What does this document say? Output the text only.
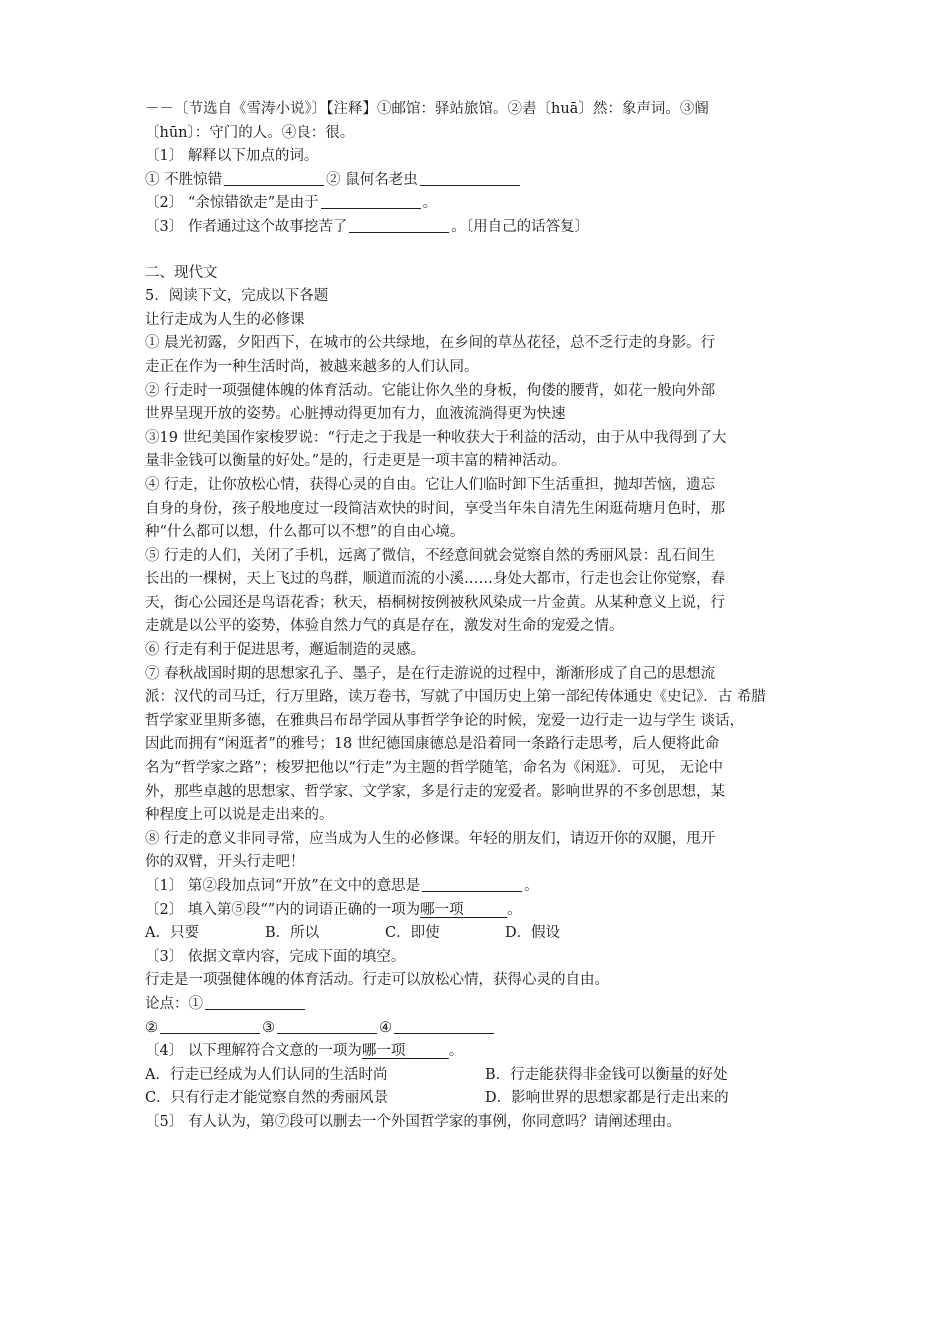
－－〔节选自《雪涛小说》〕【注释】①邮馆：驿站旅馆。②砉〔huā〕然：象声词。③阍
〔hūn〕：守门的人。④良：很。
〔1〕 解释以下加点的词。
① 不胜惊错	② 鼠何名老虫
〔2〕 “余惊错欲走”是由于	。
〔3〕 作者通过这个故事挖苦了	。〔用自己的话答复〕
二、现代文
5．阅读下文，完成以下各题
让行走成为人生的必修课
① 晨光初露，夕阳西下，在城市的公共绿地，在乡间的草丛花径，总不乏行走的身影。行
走正在作为一种生活时尚，被越来越多的人们认同。
② 行走时一项强健体魄的体育活动。它能让你久坐的身板，佝偻的腰背，如花一般向外部
世界呈现开放的姿势。心脏搏动得更加有力，血液流淌得更为快速
③19 世纪美国作家梭罗说：“行走之于我是一种收获大于利益的活动，由于从中我得到了大
量非金钱可以衡量的好处。”是的，行走更是一项丰富的精神活动。
④ 行走，让你放松心情，获得心灵的自由。它让人们临时卸下生活重担，抛却苦恼，遗忘
自身的身份，孩子般地度过一段简洁欢快的时间，享受当年朱自清先生闲逛荷塘月色时，那
种“什么都可以想，什么都可以不想”的自由心境。
⑤ 行走的人们，关闭了手机，远离了微信，不经意间就会觉察自然的秀丽风景：乱石间生
长出的一棵树，天上飞过的鸟群，顺道而流的小溪……身处大都市，行走也会让你觉察，春
天，街心公园还是鸟语花香；秋天，梧桐树按例被秋风染成一片金黄。从某种意义上说，行
走就是以公平的姿势，体验自然力气的真是存在，激发对生命的宠爱之情。
⑥ 行走有利于促进思考，邂逅制造的灵感。
⑦ 春秋战国时期的思想家孔子、墨子，是在行走游说的过程中，渐渐形成了自己的思想流
派：汉代的司马迁，行万里路，读万卷书，写就了中国历史上第一部纪传体通史《史记》．古 希腊
哲学家亚里斯多德，在雅典吕布昂学园从事哲学争论的时候，宠爱一边行走一边与学生 谈话，
因此而拥有“闲逛者”的雅号；18 世纪德国康德总是沿着同一条路行走思考，后人便将此命
名为“哲学家之路”；梭罗把他以“行走”为主题的哲学随笔，命名为《闲逛》．可见， 无论中
外，那些卓越的思想家、哲学家、文学家，多是行走的宠爱者。影响世界的不多创思想，某
种程度上可以说是走出来的。
⑧ 行走的意义非同寻常，应当成为人生的必修课。年轻的朋友们，请迈开你的双腿，甩开
你的双臂，开头行走吧！
〔1〕 第②段加点词“开放”在文中的意思是	。
〔2〕 填入第⑤段“”内的词语正确的一项为哪一项　　　	。
A．只要	B．所以	C．即使	D．假设
〔3〕 依据文章内容，完成下面的填空。
行走是一项强健体魄的体育活动。行走可以放松心情，获得心灵的自由。
论点：①
②	③	④
〔4〕 以下理解符合文意的一项为哪一项　　　	。
A．行走已经成为人们认同的生活时尚	B．行走能获得非金钱可以衡量的好处
C．只有行走才能觉察自然的秀丽风景	D．影响世界的思想家都是行走出来的
〔5〕 有人认为，第⑦段可以删去一个外国哲学家的事例，你同意吗？请阐述理由。
